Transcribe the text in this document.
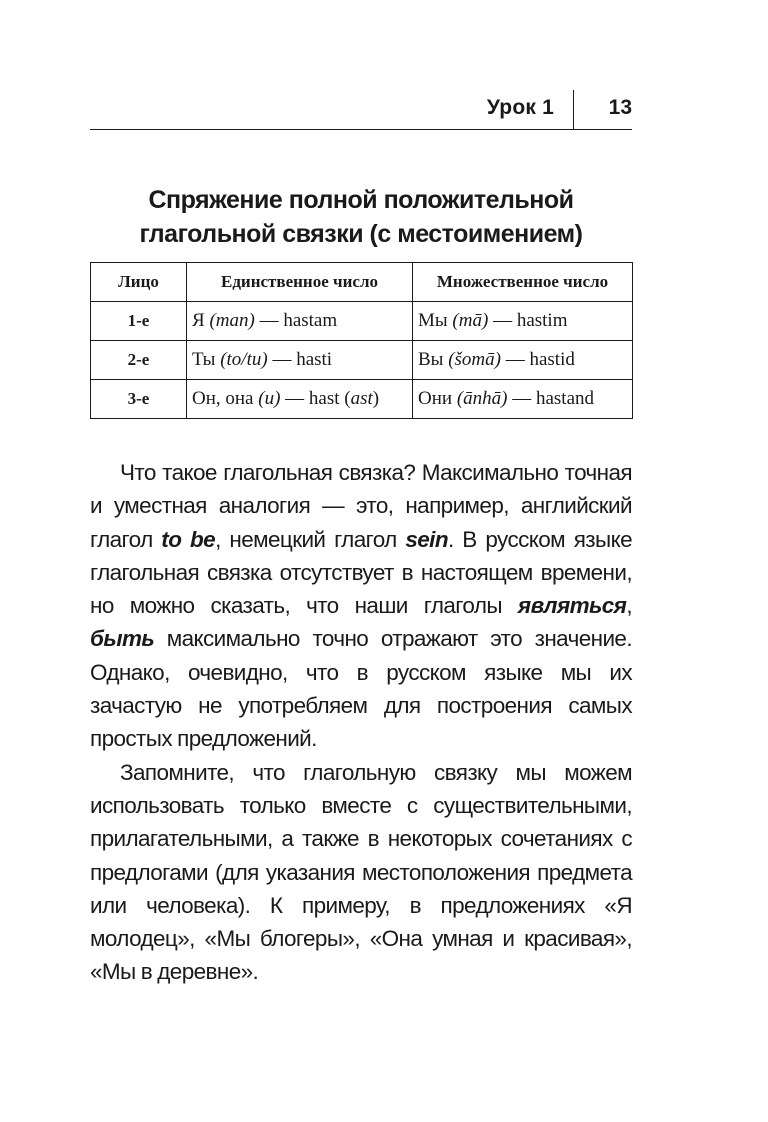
Урок 1	13
Спряжение полной положительной
глагольной связки (с местоимением)
Лицо	Единственное число	Множественное число
1-е	Я (man) — hastam	Мы (mā) — hastim
2-е	Ты (to/tu) — hasti	Вы (šomā) — hastid
3-е	Он, она (u) — hast (ast)	Они (ānhā) — hastand

Что такое глагольная связка? Максимально точная и уместная аналогия — это, например, английский глагол to be, немецкий глагол sein. В русском языке глагольная связка отсутствует в настоящем времени, но можно сказать, что наши глаголы являться, быть максимально точно отражают это значение. Однако, очевидно, что в русском языке мы их зачастую не употребляем для построения самых простых предложений.

Запомните, что глагольную связку мы можем использовать только вместе с существительными, прилагательными, а также в некоторых сочетаниях с предлогами (для указания местоположения предмета или человека). К примеру, в предложениях «Я молодец», «Мы блогеры», «Она умная и красивая», «Мы в деревне».
